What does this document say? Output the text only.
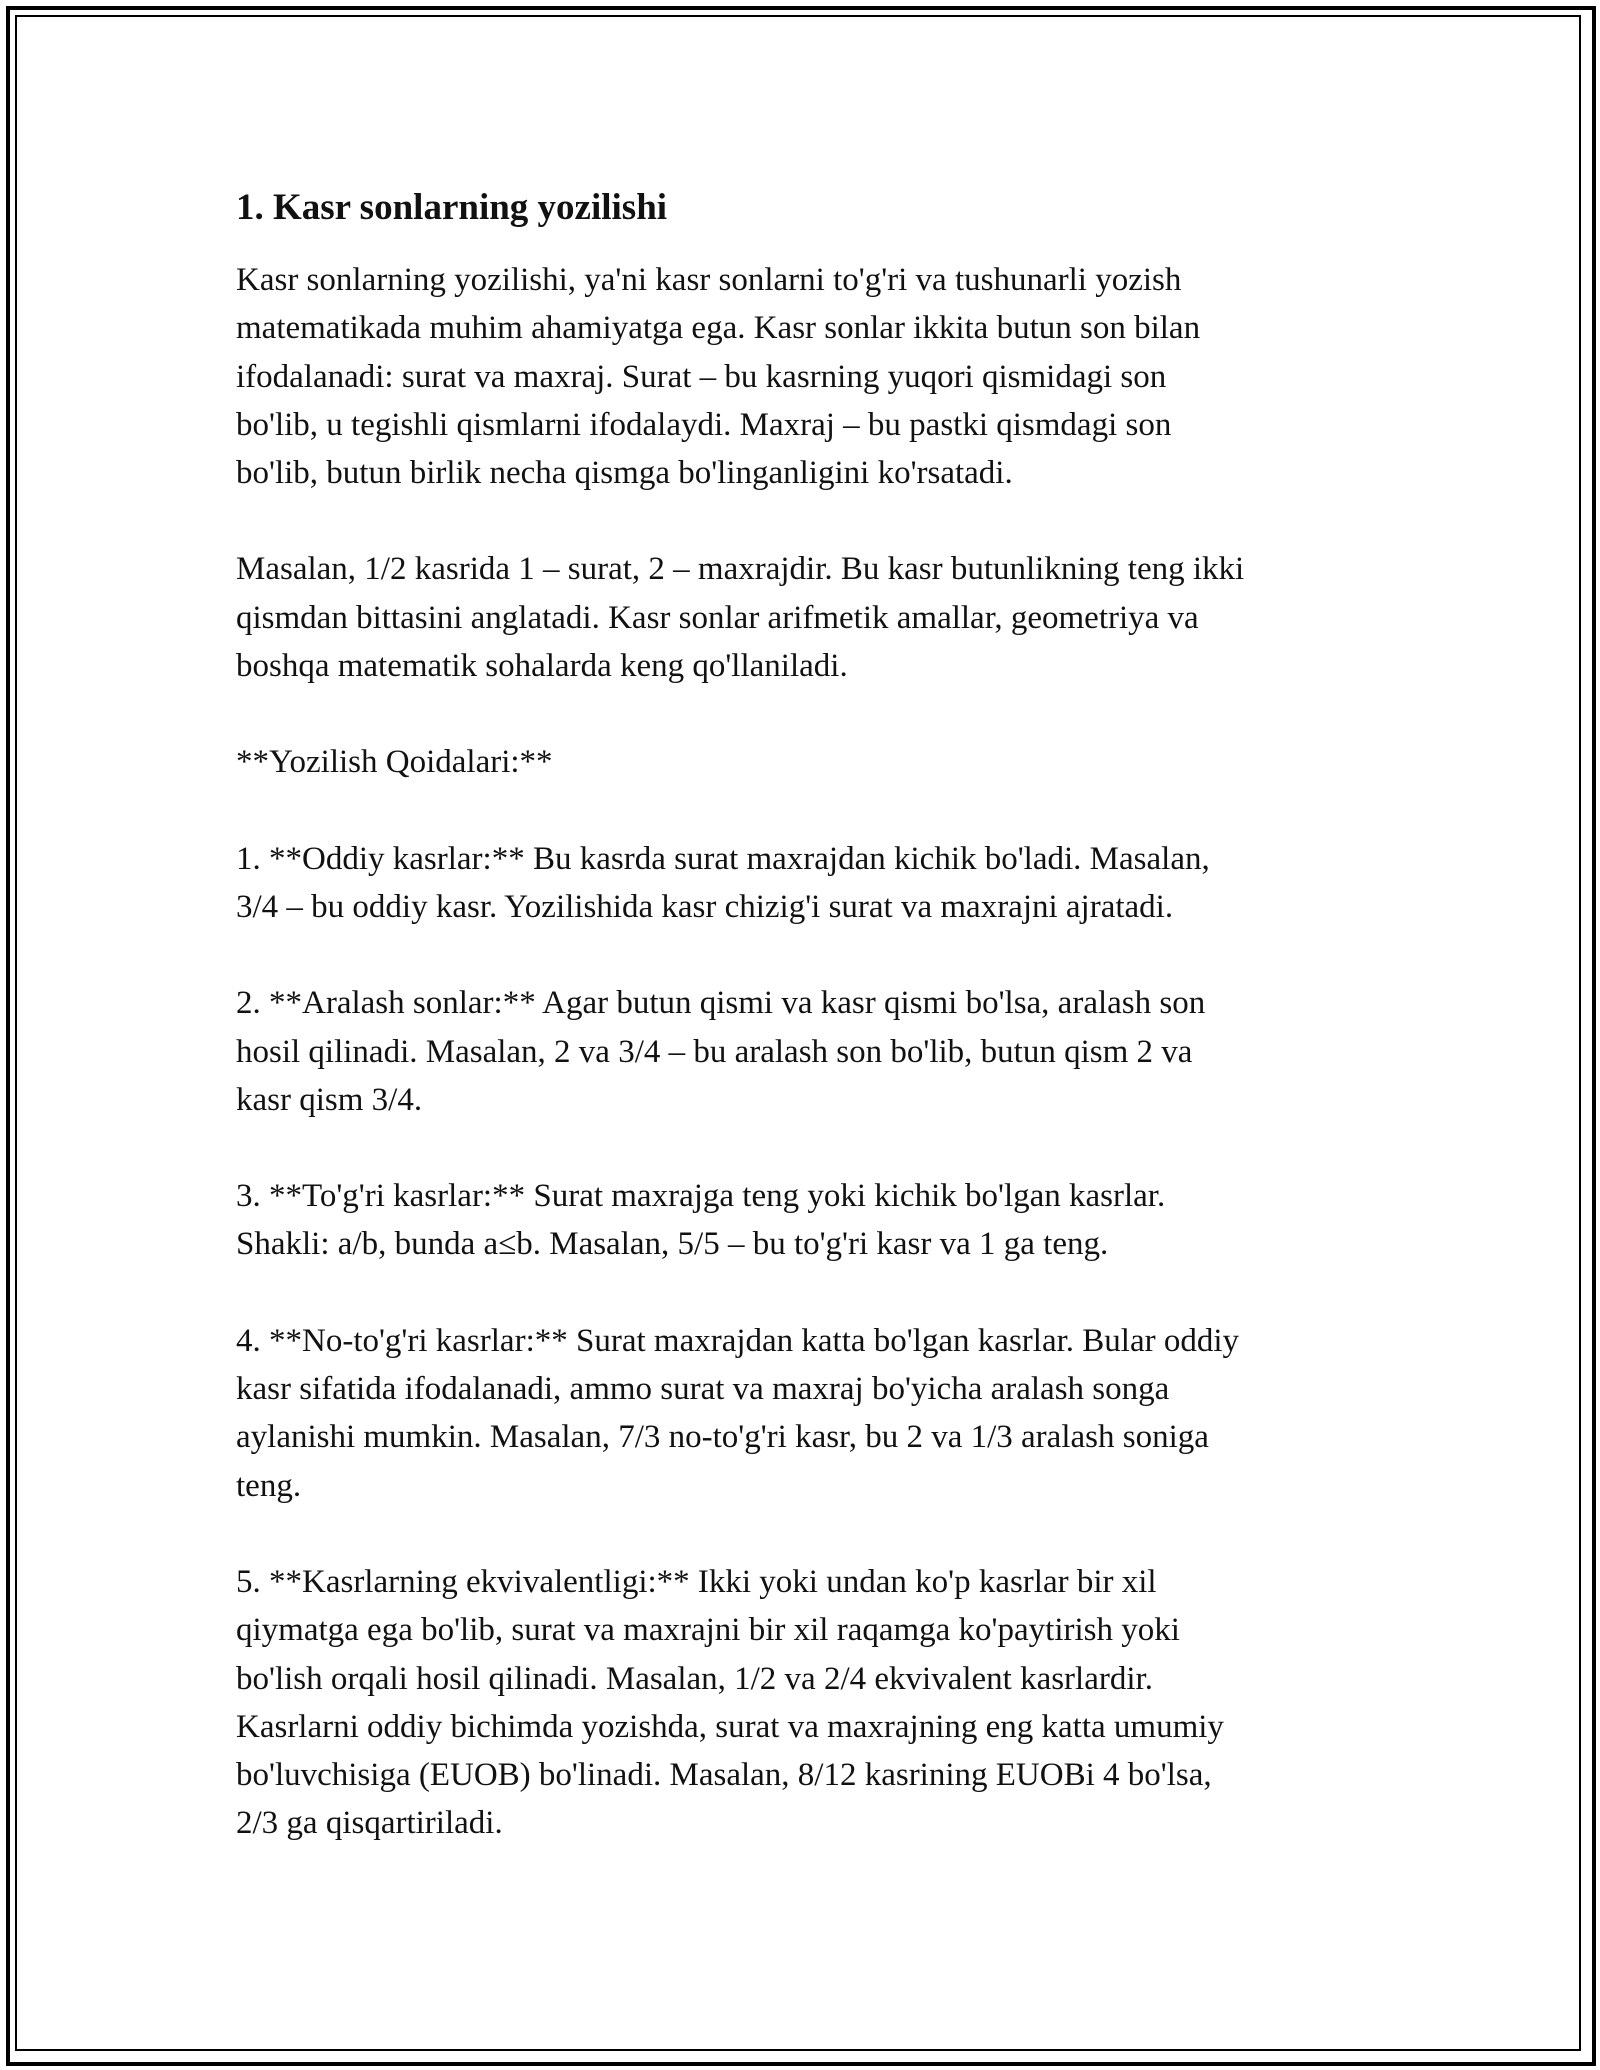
1. Kasr sonlarning yozilishi

Kasr sonlarning yozilishi, ya'ni kasr sonlarni to'g'ri va tushunarli yozish
matematikada muhim ahamiyatga ega. Kasr sonlar ikkita butun son bilan
ifodalanadi: surat va maxraj. Surat – bu kasrning yuqori qismidagi son
bo'lib, u tegishli qismlarni ifodalaydi. Maxraj – bu pastki qismdagi son
bo'lib, butun birlik necha qismga bo'linganligini ko'rsatadi.

Masalan, 1/2 kasrida 1 – surat, 2 – maxrajdir. Bu kasr butunlikning teng ikki
qismdan bittasini anglatadi. Kasr sonlar arifmetik amallar, geometriya va
boshqa matematik sohalarda keng qo'llaniladi.

**Yozilish Qoidalari:**

1. **Oddiy kasrlar:** Bu kasrda surat maxrajdan kichik bo'ladi. Masalan,
3/4 – bu oddiy kasr. Yozilishida kasr chizig'i surat va maxrajni ajratadi.

2. **Aralash sonlar:** Agar butun qismi va kasr qismi bo'lsa, aralash son
hosil qilinadi. Masalan, 2 va 3/4 – bu aralash son bo'lib, butun qism 2 va
kasr qism 3/4.

3. **To'g'ri kasrlar:** Surat maxrajga teng yoki kichik bo'lgan kasrlar.
Shakli: a/b, bunda a≤b. Masalan, 5/5 – bu to'g'ri kasr va 1 ga teng.

4. **No-to'g'ri kasrlar:** Surat maxrajdan katta bo'lgan kasrlar. Bular oddiy
kasr sifatida ifodalanadi, ammo surat va maxraj bo'yicha aralash songa
aylanishi mumkin. Masalan, 7/3 no-to'g'ri kasr, bu 2 va 1/3 aralash soniga
teng.

5. **Kasrlarning ekvivalentligi:** Ikki yoki undan ko'p kasrlar bir xil
qiymatga ega bo'lib, surat va maxrajni bir xil raqamga ko'paytirish yoki
bo'lish orqali hosil qilinadi. Masalan, 1/2 va 2/4 ekvivalent kasrlardir.
Kasrlarni oddiy bichimda yozishda, surat va maxrajning eng katta umumiy
bo'luvchisiga (EUOB) bo'linadi. Masalan, 8/12 kasrining EUOBi 4 bo'lsa,
2/3 ga qisqartiriladi.
